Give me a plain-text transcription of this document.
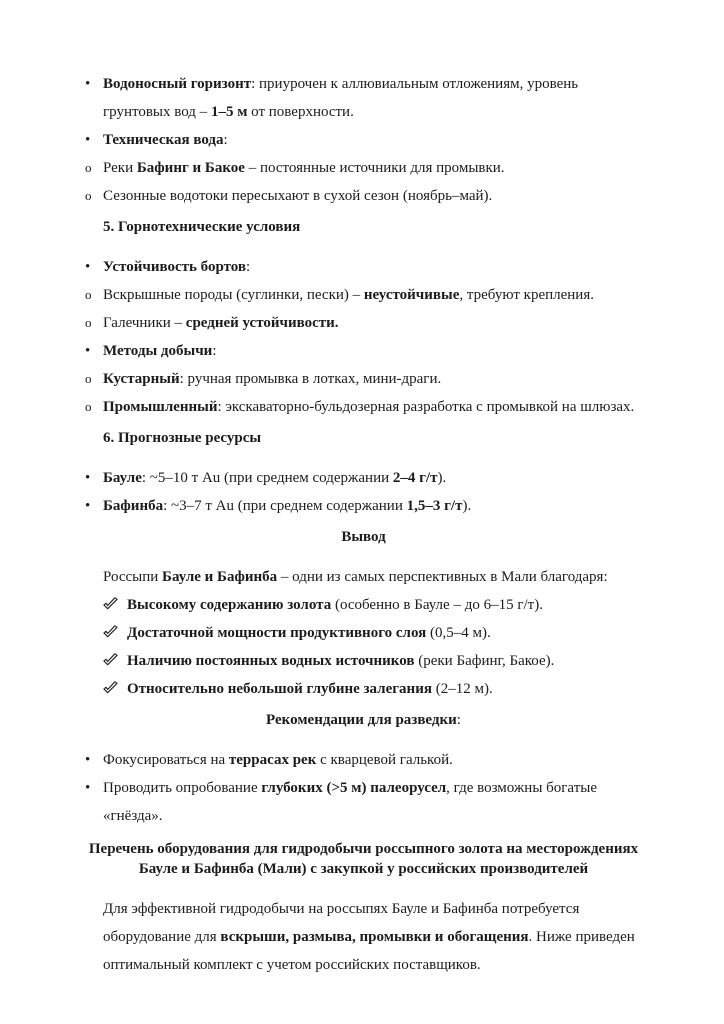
• Водоносный горизонт: приурочен к аллювиальным отложениям, уровень грунтовых вод – 1–5 м от поверхности.
• Техническая вода:
o Реки Бафинг и Бакое – постоянные источники для промывки.
o Сезонные водотоки пересыхают в сухой сезон (ноябрь–май).
5. Горнотехнические условия
• Устойчивость бортов:
o Вскрышные породы (суглинки, пески) – неустойчивые, требуют крепления.
o Галечники – средней устойчивости.
• Методы добычи:
o Кустарный: ручная промывка в лотках, мини-драги.
o Промышленный: экскаваторно-бульдозерная разработка с промывкой на шлюзах.
6. Прогнозные ресурсы
• Бауле: ~5–10 т Au (при среднем содержании 2–4 г/т).
• Бафинба: ~3–7 т Au (при среднем содержании 1,5–3 г/т).
Вывод
Россыпи Бауле и Бафинба – одни из самых перспективных в Мали благодаря:
Высокому содержанию золота (особенно в Бауле – до 6–15 г/т).
Достаточной мощности продуктивного слоя (0,5–4 м).
Наличию постоянных водных источников (реки Бафинг, Бакое).
Относительно небольшой глубине залегания (2–12 м).
Рекомендации для разведки:
• Фокусироваться на террасах рек с кварцевой галькой.
• Проводить опробование глубоких (>5 м) палеорусел, где возможны богатые «гнёзда».
Перечень оборудования для гидродобычи россыпного золота на месторождениях Бауле и Бафинба (Мали) с закупкой у российских производителей
Для эффективной гидродобычи на россыпях Бауле и Бафинба потребуется оборудование для вскрыши, размыва, промывки и обогащения. Ниже приведен оптимальный комплект с учетом российских поставщиков.
